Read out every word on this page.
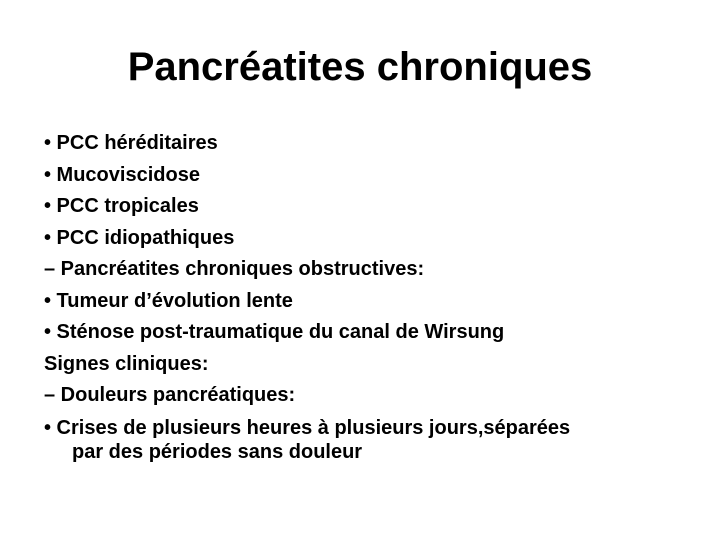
Pancréatites chroniques
• PCC héréditaires
• Mucoviscidose
• PCC tropicales
• PCC idiopathiques
– Pancréatites chroniques obstructives:
• Tumeur d’évolution lente
• Sténose post-traumatique du canal de Wirsung
Signes cliniques:
– Douleurs pancréatiques:
• Crises de plusieurs heures à plusieurs jours,séparées
par des périodes sans douleur
